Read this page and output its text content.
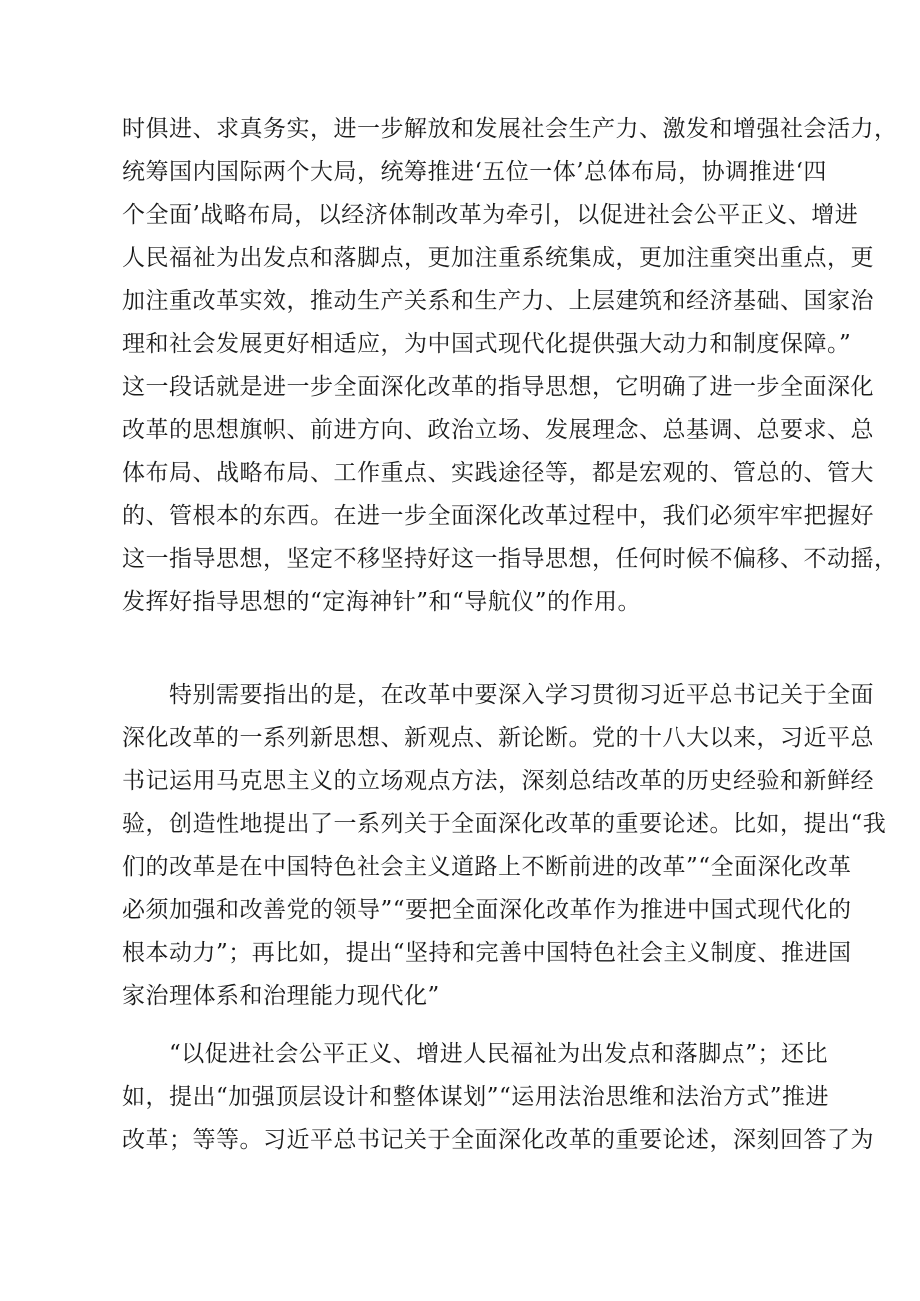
时俱进、求真务实，进一步解放和发展社会生产力、激发和增强社会活力，
统筹国内国际两个大局，统筹推进‘五位一体’总体布局，协调推进‘四
个全面’战略布局，以经济体制改革为牵引，以促进社会公平正义、增进
人民福祉为出发点和落脚点，更加注重系统集成，更加注重突出重点，更
加注重改革实效，推动生产关系和生产力、上层建筑和经济基础、国家治
理和社会发展更好相适应，为中国式现代化提供强大动力和制度保障。”
这一段话就是进一步全面深化改革的指导思想，它明确了进一步全面深化
改革的思想旗帜、前进方向、政治立场、发展理念、总基调、总要求、总
体布局、战略布局、工作重点、实践途径等，都是宏观的、管总的、管大
的、管根本的东西。在进一步全面深化改革过程中，我们必须牢牢把握好
这一指导思想，坚定不移坚持好这一指导思想，任何时候不偏移、不动摇，
发挥好指导思想的“定海神针”和“导航仪”的作用。
　　特别需要指出的是，在改革中要深入学习贯彻习近平总书记关于全面
深化改革的一系列新思想、新观点、新论断。党的十八大以来，习近平总
书记运用马克思主义的立场观点方法，深刻总结改革的历史经验和新鲜经
验，创造性地提出了一系列关于全面深化改革的重要论述。比如，提出“我
们的改革是在中国特色社会主义道路上不断前进的改革”“全面深化改革
必须加强和改善党的领导”“要把全面深化改革作为推进中国式现代化的
根本动力”；再比如，提出“坚持和完善中国特色社会主义制度、推进国
家治理体系和治理能力现代化”
　　“以促进社会公平正义、增进人民福祉为出发点和落脚点”；还比
如，提出“加强顶层设计和整体谋划”“运用法治思维和法治方式”推进
改革；等等。习近平总书记关于全面深化改革的重要论述，深刻回答了为
